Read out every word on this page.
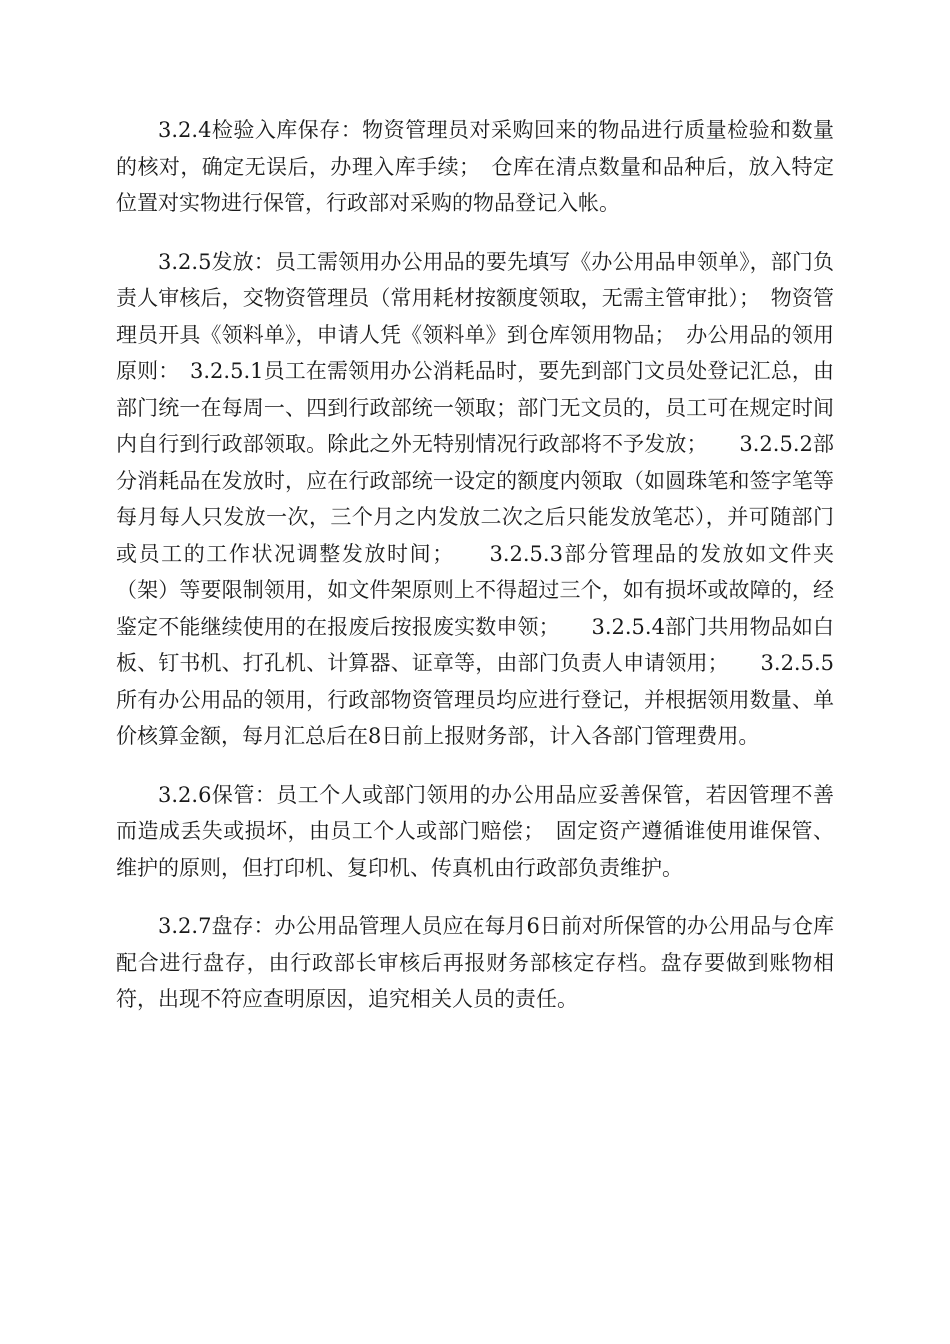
3.2.4检验入库保存：物资管理员对采购回来的物品进行质量检验和数量的核对，确定无误后，办理入库手续；　仓库在清点数量和品种后，放入特定位置对实物进行保管，行政部对采购的物品登记入帐。

3.2.5发放：员工需领用办公用品的要先填写《办公用品申领单》，部门负责人审核后，交物资管理员（常用耗材按额度领取，无需主管审批）；　物资管理员开具《领料单》，申请人凭《领料单》到仓库领用物品；　办公用品的领用原则：　3.2.5.1员工在需领用办公消耗品时，要先到部门文员处登记汇总，由部门统一在每周一、四到行政部统一领取；部门无文员的，员工可在规定时间内自行到行政部领取。除此之外无特别情况行政部将不予发放；　　3.2.5.2部分消耗品在发放时，应在行政部统一设定的额度内领取（如圆珠笔和签字笔等每月每人只发放一次，三个月之内发放二次之后只能发放笔芯），并可随部门或员工的工作状况调整发放时间；　　3.2.5.3部分管理品的发放如文件夹（架）等要限制领用，如文件架原则上不得超过三个，如有损坏或故障的，经鉴定不能继续使用的在报废后按报废实数申领；　　3.2.5.4部门共用物品如白板、钉书机、打孔机、计算器、证章等，由部门负责人申请领用；　　3.2.5.5所有办公用品的领用，行政部物资管理员均应进行登记，并根据领用数量、单价核算金额，每月汇总后在8日前上报财务部，计入各部门管理费用。

3.2.6保管：员工个人或部门领用的办公用品应妥善保管，若因管理不善而造成丢失或损坏，由员工个人或部门赔偿；　固定资产遵循谁使用谁保管、维护的原则，但打印机、复印机、传真机由行政部负责维护。

3.2.7盘存：办公用品管理人员应在每月6日前对所保管的办公用品与仓库配合进行盘存，由行政部长审核后再报财务部核定存档。盘存要做到账物相符，出现不符应查明原因，追究相关人员的责任。
